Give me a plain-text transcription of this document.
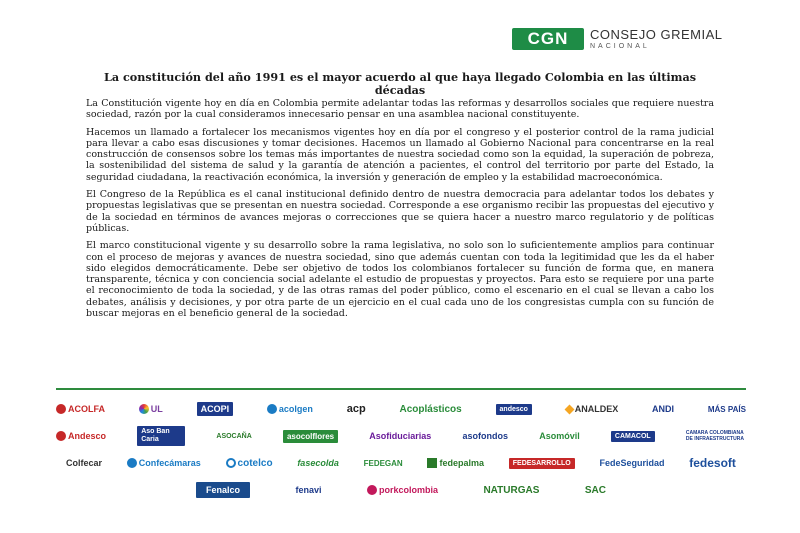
CGN	CONSEJO GREMIAL
NACIONAL
La constitución del año 1991 es el mayor acuerdo al que haya llegado Colombia en las últimas décadas

La Constitución vigente hoy en día en Colombia permite adelantar todas las reformas y desarrollos sociales que requiere nuestra sociedad, razón por la cual consideramos innecesario pensar en una asamblea nacional constituyente.

Hacemos un llamado a fortalecer los mecanismos vigentes hoy en día por el congreso y el posterior control de la rama judicial para llevar a cabo esas discusiones y tomar decisiones. Hacemos un llamado al Gobierno Nacional para concentrarse en la real construcción de consensos sobre los temas más importantes de nuestra sociedad como son la equidad, la superación de pobreza, la sostenibilidad del sistema de salud y la garantía de atención a pacientes, el control del territorio por parte del Estado, la seguridad ciudadana, la reactivación económica, la inversión y generación de empleo y la estabilidad macroeconómica.

El Congreso de la República es el canal institucional definido dentro de nuestra democracia para adelantar todos los debates y propuestas legislativas que se presentan en nuestra sociedad. Corresponde a ese organismo recibir las propuestas del ejecutivo y de la sociedad en términos de avances mejoras o correcciones que se quiera hacer a nuestro marco regulatorio y de políticas públicas.

El marco constitucional vigente y su desarrollo sobre la rama legislativa, no solo son lo suficientemente amplios para continuar con el proceso de mejoras y avances de nuestra sociedad, sino que además cuentan con toda la legitimidad que les da el haber sido elegidos democráticamente. Debe ser objetivo de todos los colombianos fortalecer su función de forma que, en manera transparente, técnica y con conciencia social adelante el estudio de propuestas y proyectos. Para esto se requiere por una parte el reconocimiento de toda la sociedad, y de las otras ramas del poder público, como el escenario en el cual se llevan a cabo los debates, análisis y decisiones, y por otra parte de un ejercicio en el cual cada uno de los congresistas cumpla con su función de buscar mejoras en el beneficio general de la sociedad.

ACOLFA	UL	ACOPI	acolgen	acp	Acoplásticos	andesco	ANALDEX	ANDI	MÁS PAÍS
Andesco	Aso Ban Caria	ASOCAÑA	asocolflores	Asofiduciarias	asofondos	Asomóvil	CAMACOL	CAMARA COLOMBIANA DE INFRAESTRUCTURA
Colfecar	Confecámaras	cotelco	fasecolda	FEDEGAN	fedepalma	FEDESARROLLO	FedeSeguridad fedesoft
Fenalco	fenavi	porkcolombia	NATURGAS	SAC
